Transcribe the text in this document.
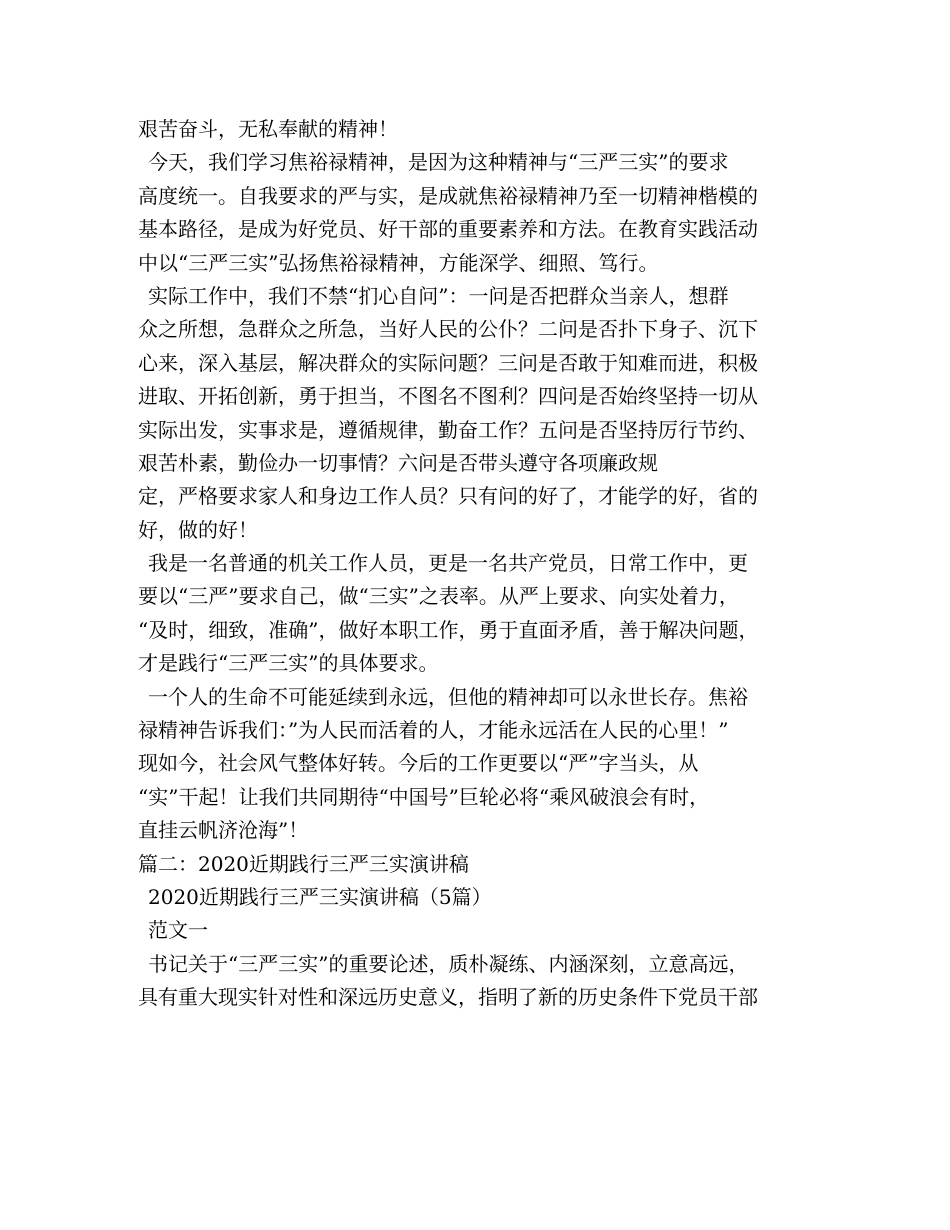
艰苦奋斗，无私奉献的精神！
今天，我们学习焦裕禄精神，是因为这种精神与“三严三实”的要求
高度统一。自我要求的严与实，是成就焦裕禄精神乃至一切精神楷模的
基本路径，是成为好党员、好干部的重要素养和方法。在教育实践活动
中以“三严三实”弘扬焦裕禄精神，方能深学、细照、笃行。
实际工作中，我们不禁“扪心自问”：一问是否把群众当亲人，想群
众之所想，急群众之所急，当好人民的公仆？二问是否扑下身子、沉下
心来，深入基层，解决群众的实际问题？三问是否敢于知难而进，积极
进取、开拓创新，勇于担当，不图名不图利？四问是否始终坚持一切从
实际出发，实事求是，遵循规律，勤奋工作？五问是否坚持厉行节约、
艰苦朴素，勤俭办一切事情？六问是否带头遵守各项廉政规
定，严格要求家人和身边工作人员？只有问的好了，才能学的好，省的
好，做的好！
我是一名普通的机关工作人员，更是一名共产党员，日常工作中，更
要以“三严”要求自己，做“三实”之表率。从严上要求、向实处着力，
“及时，细致，准确”，做好本职工作，勇于直面矛盾，善于解决问题，
才是践行“三严三实”的具体要求。
一个人的生命不可能延续到永远，但他的精神却可以永世长存。焦裕
禄精神告诉我们：”为人民而活着的人，才能永远活在人民的心里！”
现如今，社会风气整体好转。今后的工作更要以“严”字当头，从
“实”干起！让我们共同期待“中国号”巨轮必将“乘风破浪会有时，
直挂云帆济沧海”！
篇二：2020近期践行三严三实演讲稿
2020近期践行三严三实演讲稿（5篇）
范文一
书记关于“三严三实”的重要论述，质朴凝练、内涵深刻，立意高远，
具有重大现实针对性和深远历史意义，指明了新的历史条件下党员干部
